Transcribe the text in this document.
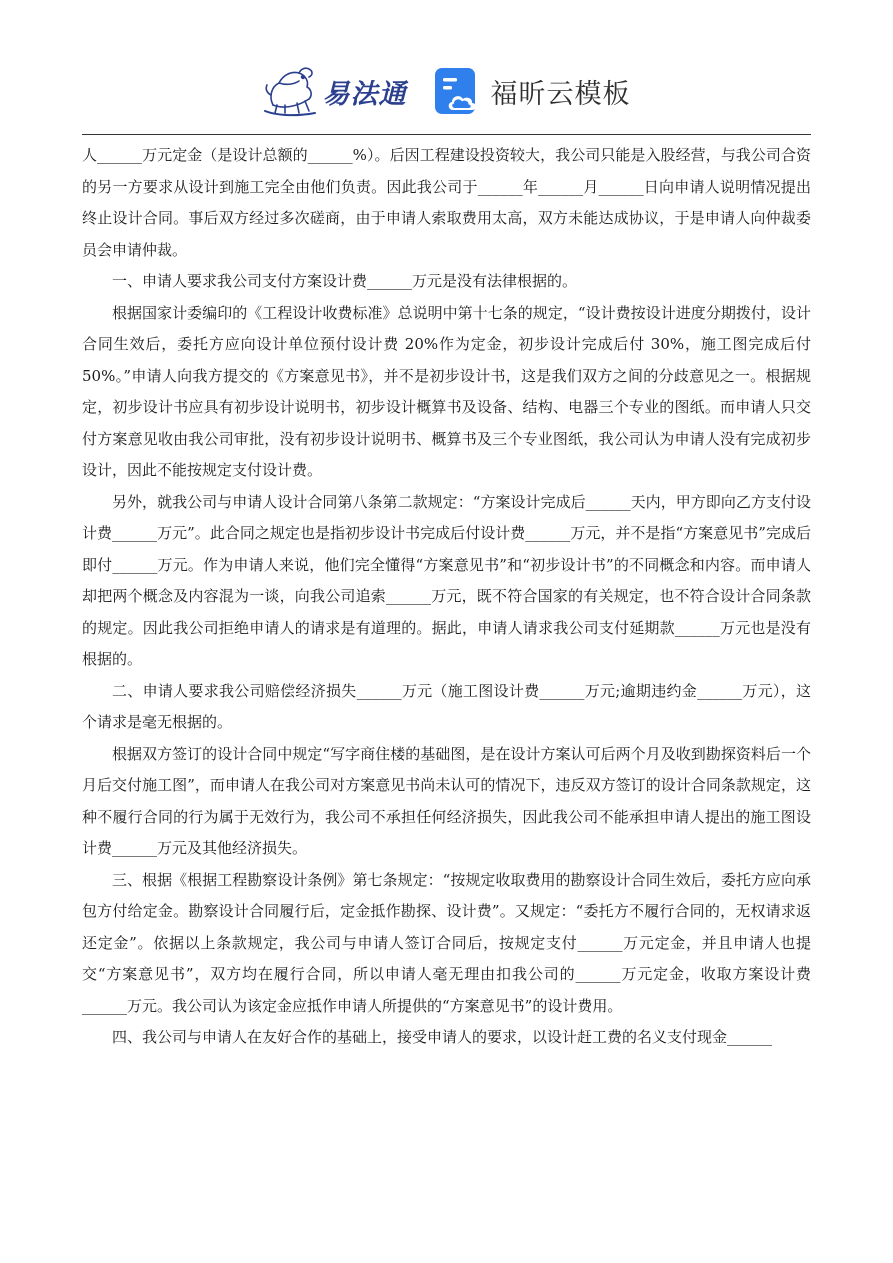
易法通	福昕云模板

人______万元定金（是设计总额的______%）。后因工程建设投资较大，我公司只能是入股经营，与我公司合资的另一方要求从设计到施工完全由他们负责。因此我公司于______年______月______日向申请人说明情况提出终止设计合同。事后双方经过多次磋商，由于申请人索取费用太高，双方未能达成协议，于是申请人向仲裁委员会申请仲裁。

一、申请人要求我公司支付方案设计费______万元是没有法律根据的。

根据国家计委编印的《工程设计收费标准》总说明中第十七条的规定，“设计费按设计进度分期拨付，设计合同生效后，委托方应向设计单位预付设计费 20%作为定金，初步设计完成后付 30%，施工图完成后付 50%。”申请人向我方提交的《方案意见书》，并不是初步设计书，这是我们双方之间的分歧意见之一。根据规定，初步设计书应具有初步设计说明书，初步设计概算书及设备、结构、电器三个专业的图纸。而申请人只交付方案意见收由我公司审批，没有初步设计说明书、概算书及三个专业图纸，我公司认为申请人没有完成初步设计，因此不能按规定支付设计费。

另外，就我公司与申请人设计合同第八条第二款规定：“方案设计完成后______天内，甲方即向乙方支付设计费______万元”。此合同之规定也是指初步设计书完成后付设计费______万元，并不是指“方案意见书”完成后即付______万元。作为申请人来说，他们完全懂得“方案意见书”和“初步设计书”的不同概念和内容。而申请人却把两个概念及内容混为一谈，向我公司追索______万元，既不符合国家的有关规定，也不符合设计合同条款的规定。因此我公司拒绝申请人的请求是有道理的。据此，申请人请求我公司支付延期款______万元也是没有根据的。

二、申请人要求我公司赔偿经济损失______万元（施工图设计费______万元;逾期违约金______万元），这个请求是毫无根据的。

根据双方签订的设计合同中规定“写字商住楼的基础图，是在设计方案认可后两个月及收到勘探资料后一个月后交付施工图”，而申请人在我公司对方案意见书尚未认可的情况下，违反双方签订的设计合同条款规定，这种不履行合同的行为属于无效行为，我公司不承担任何经济损失，因此我公司不能承担申请人提出的施工图设计费______万元及其他经济损失。

三、根据《根据工程勘察设计条例》第七条规定：“按规定收取费用的勘察设计合同生效后，委托方应向承包方付给定金。勘察设计合同履行后，定金抵作勘探、设计费”。又规定：“委托方不履行合同的，无权请求返还定金”。依据以上条款规定，我公司与申请人签订合同后，按规定支付______万元定金，并且申请人也提交“方案意见书”，双方均在履行合同，所以申请人毫无理由扣我公司的______万元定金，收取方案设计费______万元。我公司认为该定金应抵作申请人所提供的“方案意见书”的设计费用。

四、我公司与申请人在友好合作的基础上，接受申请人的要求，以设计赶工费的名义支付现金______
